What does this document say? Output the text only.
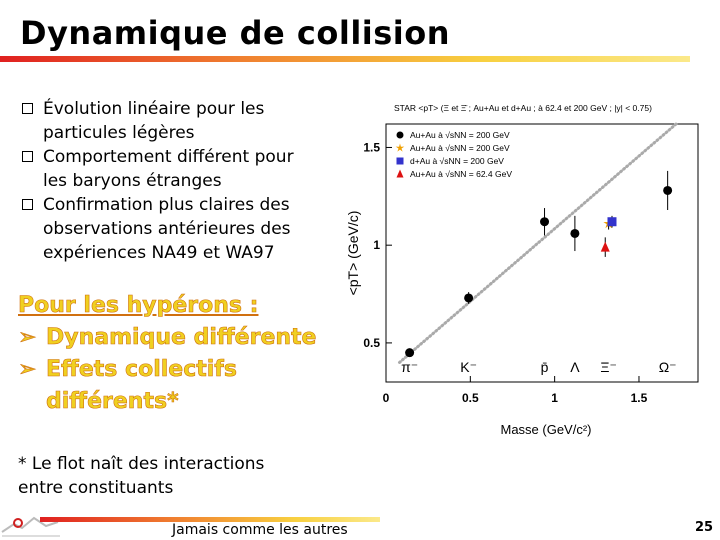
Dynamique de collision
Évolution linéaire pour les
particules légères
Comportement différent pour
les baryons étranges
Confirmation plus claires des
observations antérieures des
expériences NA49 et WA97
Pour les hypérons :
➢ Dynamique différente
➢ Effets collectifs
différents*
* Le flot naît des interactions
entre constituants
Jamais comme les autres	25
STAR <pT> (Ξ et Ξ̄ ; Au+Au et d+Au ; à 62.4 et 200 GeV ; |y| < 0.75)
0	0.5	1	1.5
0.5
1
1.5
π⁻	K⁻	p̄ Λ Ξ⁻	Ω⁻
Au+Au à √sNN = 200 GeV
Au+Au à √sNN = 200 GeV
d+Au à √sNN = 200 GeV
Au+Au à √sNN = 62.4 GeV
Masse (GeV/c²)
<pT> (GeV/c)
